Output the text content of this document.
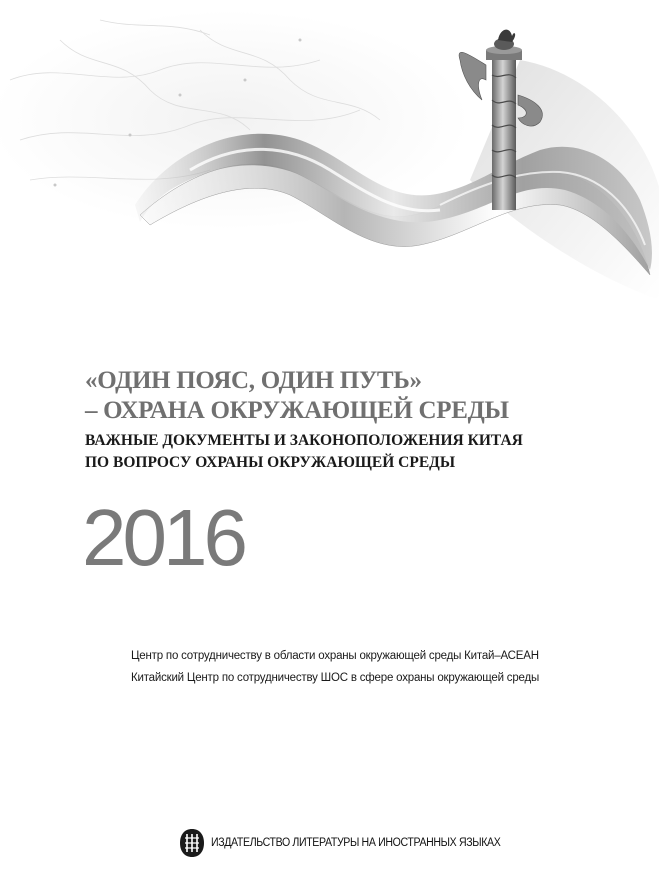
«ОДИН ПОЯС, ОДИН ПУТЬ»
– ОХРАНА ОКРУЖАЮЩЕЙ СРЕДЫ
ВАЖНЫЕ ДОКУМЕНТЫ И ЗАКОНОПОЛОЖЕНИЯ КИТАЯ
ПО ВОПРОСУ ОХРАНЫ ОКРУЖАЮЩЕЙ СРЕДЫ
2016
Центр по сотрудничеству в области охраны окружающей среды Китай–АСЕАН
Китайский Центр по сотрудничеству ШОС в сфере охраны окружающей среды
ИЗДАТЕЛЬСТВО ЛИТЕРАТУРЫ НА ИНОСТРАННЫХ ЯЗЫКАХ
